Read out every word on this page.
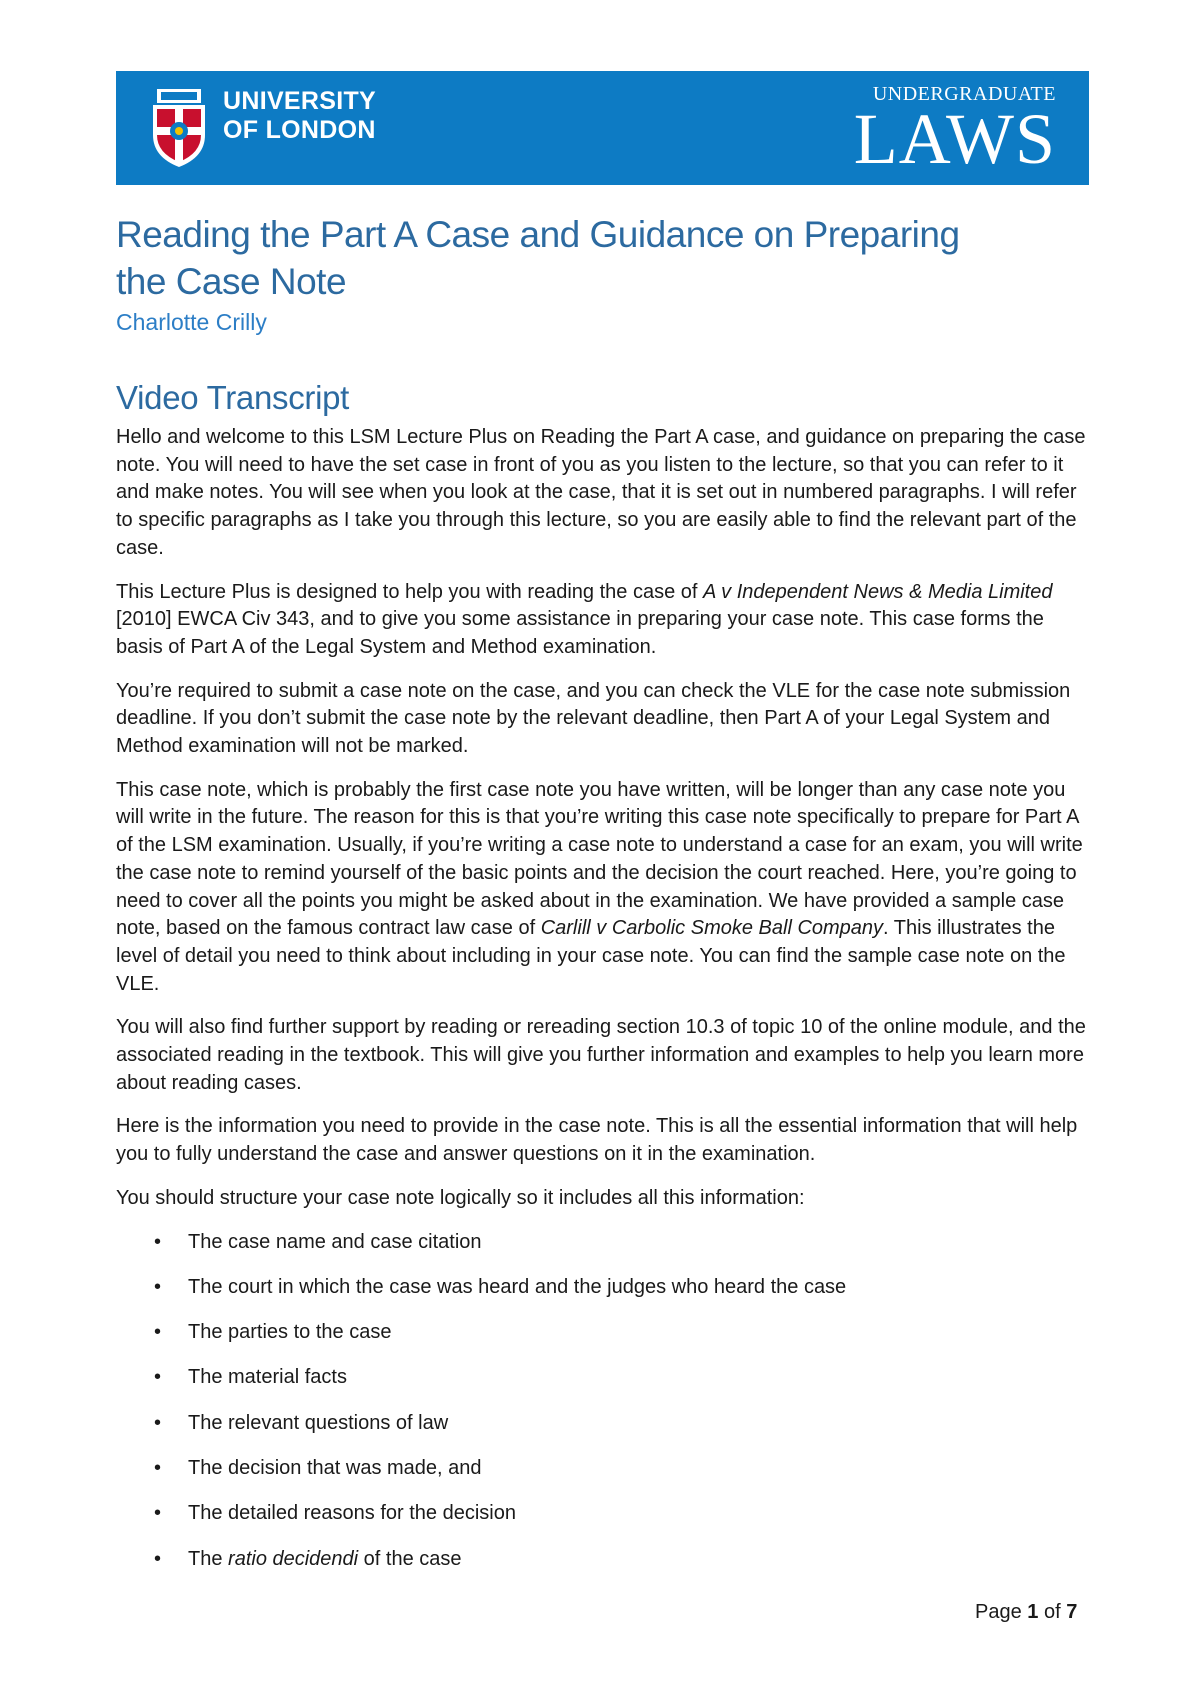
UNIVERSITY
OF LONDON
UNDERGRADUATE
LAWS
Reading the Part A Case and Guidance on Preparing the Case Note
Charlotte Crilly
Video Transcript

Hello and welcome to this LSM Lecture Plus on Reading the Part A case, and guidance on preparing the case note. You will need to have the set case in front of you as you listen to the lecture, so that you can refer to it and make notes. You will see when you look at the case, that it is set out in numbered paragraphs. I will refer to specific paragraphs as I take you through this lecture, so you are easily able to find the relevant part of the case.

This Lecture Plus is designed to help you with reading the case of A v Independent News & Media Limited [2010] EWCA Civ 343, and to give you some assistance in preparing your case note. This case forms the basis of Part A of the Legal System and Method examination.

You’re required to submit a case note on the case, and you can check the VLE for the case note submission deadline. If you don’t submit the case note by the relevant deadline, then Part A of your Legal System and Method examination will not be marked.

This case note, which is probably the first case note you have written, will be longer than any case note you will write in the future. The reason for this is that you’re writing this case note specifically to prepare for Part A of the LSM examination. Usually, if you’re writing a case note to understand a case for an exam, you will write the case note to remind yourself of the basic points and the decision the court reached. Here, you’re going to need to cover all the points you might be asked about in the examination. We have provided a sample case note, based on the famous contract law case of Carlill v Carbolic Smoke Ball Company. This illustrates the level of detail you need to think about including in your case note. You can find the sample case note on the VLE.

You will also find further support by reading or rereading section 10.3 of topic 10 of the online module, and the associated reading in the textbook. This will give you further information and examples to help you learn more about reading cases.

Here is the information you need to provide in the case note. This is all the essential information that will help you to fully understand the case and answer questions on it in the examination.

You should structure your case note logically so it includes all this information:

• The case name and case citation
• The court in which the case was heard and the judges who heard the case
• The parties to the case
• The material facts
• The relevant questions of law
• The decision that was made, and
• The detailed reasons for the decision
• The ratio decidendi of the case
Page 1 of 7
